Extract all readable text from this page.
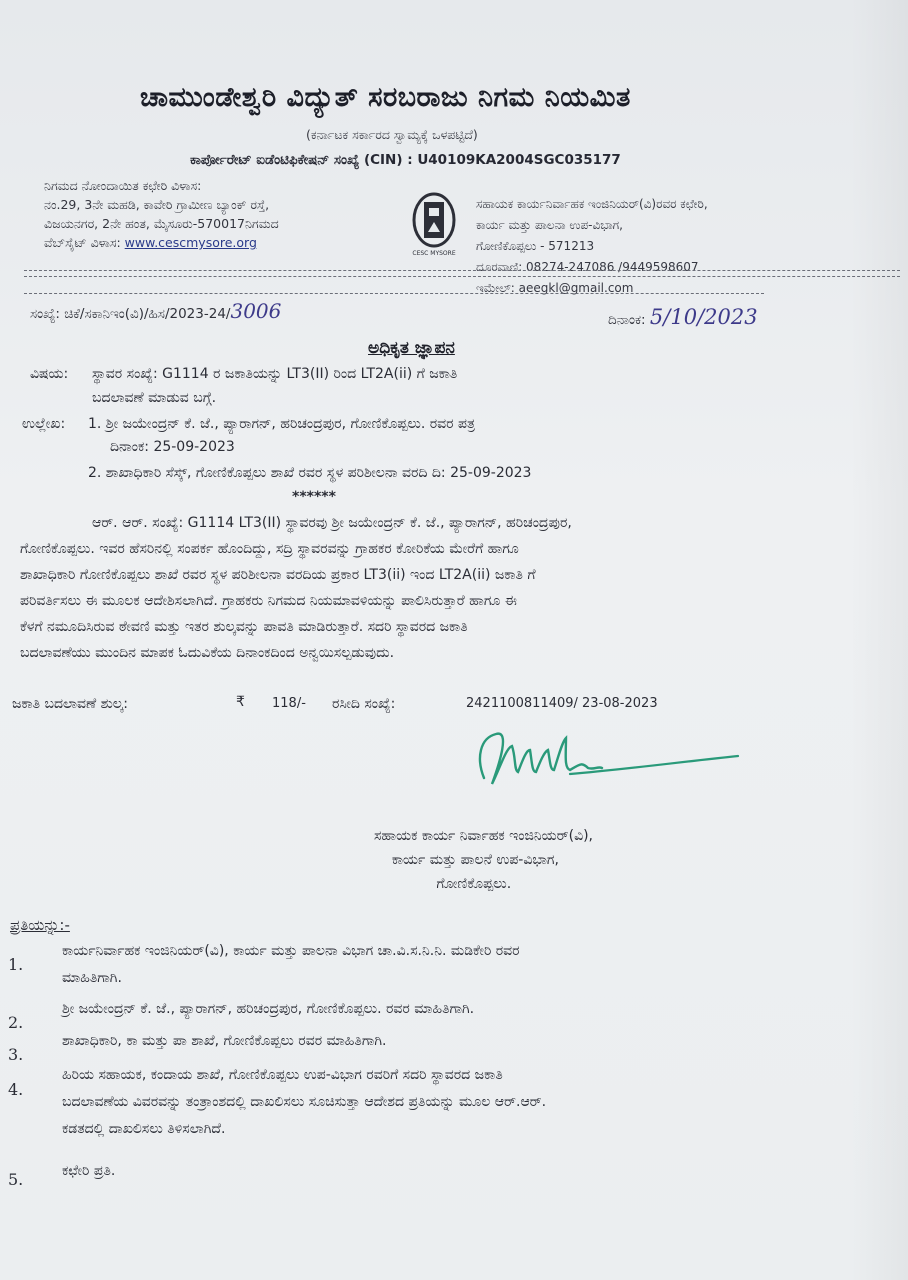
ಚಾಮುಂಡೇಶ್ವರಿ ವಿದ್ಯುತ್ ಸರಬರಾಜು ನಿಗಮ ನಿಯಮಿತ
(ಕರ್ನಾಟಕ ಸರ್ಕಾರದ ಸ್ವಾಮ್ಯಕ್ಕೆ ಒಳಪಟ್ಟಿದೆ)
ಕಾರ್ಪೋರೇಟ್ ಐಡೆಂಟಿಫಿಕೇಷನ್ ಸಂಖ್ಯೆ (CIN) : U40109KA2004SGC035177
ನಿಗಮದ ನೋಂದಾಯಿತ ಕಛೇರಿ ವಿಳಾಸ:
ನಂ.29, 3ನೇ ಮಹಡಿ, ಕಾವೇರಿ ಗ್ರಾಮೀಣ ಬ್ಯಾಂಕ್ ರಸ್ತೆ,
ವಿಜಯನಗರ, 2ನೇ ಹಂತ, ಮೈಸೂರು-570017ನಿಗಮದ
ವೆಬ್‌ಸೈಟ್ ವಿಳಾಸ: www.cescmysore.org
CESC MYSORE
ಸಹಾಯಕ ಕಾರ್ಯನಿರ್ವಾಹಕ ಇಂಜಿನಿಯರ್(ವಿ)ರವರ ಕಛೇರಿ,
ಕಾರ್ಯ ಮತ್ತು ಪಾಲನಾ ಉಪ-ವಿಭಾಗ,
ಗೋಣಿಕೊಪ್ಪಲು - 571213
ದೂರವಾಣಿ: 08274-247086 /9449598607
ಇಮೇಲ್: aeegkl@gmail.com
ಸಂಖ್ಯೆ: ಚಿಕೆ/ಸಕಾನಿಇಂ(ವಿ)/ಹಿಸ/2023-24/3006	ದಿನಾಂಕ: 5/10/2023
ಅಧಿಕೃತ ಜ್ಞಾಪನ
ವಿಷಯ: ಸ್ಥಾವರ ಸಂಖ್ಯೆ: G1114 ರ ಜಕಾತಿಯನ್ನು LT3(II) ರಿಂದ LT2A(ii) ಗೆ ಜಕಾತಿ
ಬದಲಾವಣೆ ಮಾಡುವ ಬಗ್ಗೆ.
ಉಲ್ಲೇಖ: 1. ಶ್ರೀ ಜಯೇಂದ್ರನ್ ಕೆ. ಜೆ., ಪ್ಯಾರಾಗನ್, ಹರಿಚಂದ್ರಪುರ, ಗೋಣಿಕೊಪ್ಪಲು. ರವರ ಪತ್ರ
ದಿನಾಂಕ: 25-09-2023
2. ಶಾಖಾಧಿಕಾರಿ ಸೆಸ್ಕ್, ಗೋಣಿಕೊಪ್ಪಲು ಶಾಖೆ ರವರ ಸ್ಥಳ ಪರಿಶೀಲನಾ ವರದಿ ದಿ: 25-09-2023
******
ಆರ್. ಆರ್. ಸಂಖ್ಯೆ: G1114 LT3(II) ಸ್ಥಾವರವು ಶ್ರೀ ಜಯೇಂದ್ರನ್ ಕೆ. ಜೆ., ಪ್ಯಾರಾಗನ್, ಹರಿಚಂದ್ರಪುರ,
ಗೋಣಿಕೊಪ್ಪಲು. ಇವರ ಹೆಸರಿನಲ್ಲಿ ಸಂಪರ್ಕ ಹೊಂದಿದ್ದು, ಸದ್ರಿ ಸ್ಥಾವರವನ್ನು ಗ್ರಾಹಕರ ಕೋರಿಕೆಯ ಮೇರೆಗೆ ಹಾಗೂ
ಶಾಖಾಧಿಕಾರಿ ಗೋಣಿಕೊಪ್ಪಲು ಶಾಖೆ ರವರ ಸ್ಥಳ ಪರಿಶೀಲನಾ ವರದಿಯ ಪ್ರಕಾರ LT3(ii) ಇಂದ LT2A(ii) ಜಕಾತಿ ಗೆ
ಪರಿವರ್ತಿಸಲು ಈ ಮೂಲಕ ಆದೇಶಿಸಲಾಗಿದೆ. ಗ್ರಾಹಕರು ನಿಗಮದ ನಿಯಮಾವಳಿಯನ್ನು ಪಾಲಿಸಿರುತ್ತಾರೆ ಹಾಗೂ ಈ
ಕೆಳಗೆ ನಮೂದಿಸಿರುವ ಠೇವಣಿ ಮತ್ತು ಇತರ ಶುಲ್ಕವನ್ನು ಪಾವತಿ ಮಾಡಿರುತ್ತಾರೆ. ಸದರಿ ಸ್ಥಾವರದ ಜಕಾತಿ
ಬದಲಾವಣೆಯು ಮುಂದಿನ ಮಾಪಕ ಓದುವಿಕೆಯ ದಿನಾಂಕದಿಂದ ಅನ್ವಯಿಸಲ್ಪಡುವುದು.
ಜಕಾತಿ ಬದಲಾವಣೆ ಶುಲ್ಕ:	₹ 118/- ರಸೀದಿ ಸಂಖ್ಯೆ:	2421100811409/ 23-08-2023
ಸಹಾಯಕ ಕಾರ್ಯ ನಿರ್ವಾಹಕ ಇಂಜಿನಿಯರ್(ವಿ),
ಕಾರ್ಯ ಮತ್ತು ಪಾಲನೆ ಉಪ-ವಿಭಾಗ,
ಗೋಣಿಕೊಪ್ಪಲು.
ಪ್ರತಿಯನ್ನು:-
1.
ಕಾರ್ಯನಿರ್ವಾಹಕ ಇಂಜಿನಿಯರ್(ವಿ), ಕಾರ್ಯ ಮತ್ತು ಪಾಲನಾ ವಿಭಾಗ ಚಾ.ವಿ.ಸ.ನಿ.ನಿ. ಮಡಿಕೇರಿ ರವರ
ಮಾಹಿತಿಗಾಗಿ.
2.
ಶ್ರೀ ಜಯೇಂದ್ರನ್ ಕೆ. ಜೆ., ಪ್ಯಾರಾಗನ್, ಹರಿಚಂದ್ರಪುರ, ಗೋಣಿಕೊಪ್ಪಲು. ರವರ ಮಾಹಿತಿಗಾಗಿ.
3.
ಶಾಖಾಧಿಕಾರಿ, ಕಾ ಮತ್ತು ಪಾ ಶಾಖೆ, ಗೋಣಿಕೊಪ್ಪಲು ರವರ ಮಾಹಿತಿಗಾಗಿ.
4.
ಹಿರಿಯ ಸಹಾಯಕ, ಕಂದಾಯ ಶಾಖೆ, ಗೋಣಿಕೊಪ್ಪಲು ಉಪ-ವಿಭಾಗ ರವರಿಗೆ ಸದರಿ ಸ್ಥಾವರದ ಜಕಾತಿ
ಬದಲಾವಣೆಯ ವಿವರವನ್ನು ತಂತ್ರಾಂಶದಲ್ಲಿ ದಾಖಲಿಸಲು ಸೂಚಿಸುತ್ತಾ ಆದೇಶದ ಪ್ರತಿಯನ್ನು ಮೂಲ ಆರ್.ಆರ್.
ಕಡತದಲ್ಲಿ ದಾಖಲಿಸಲು ತಿಳಿಸಲಾಗಿದೆ.
5.	ಕಛೇರಿ ಪ್ರತಿ.
